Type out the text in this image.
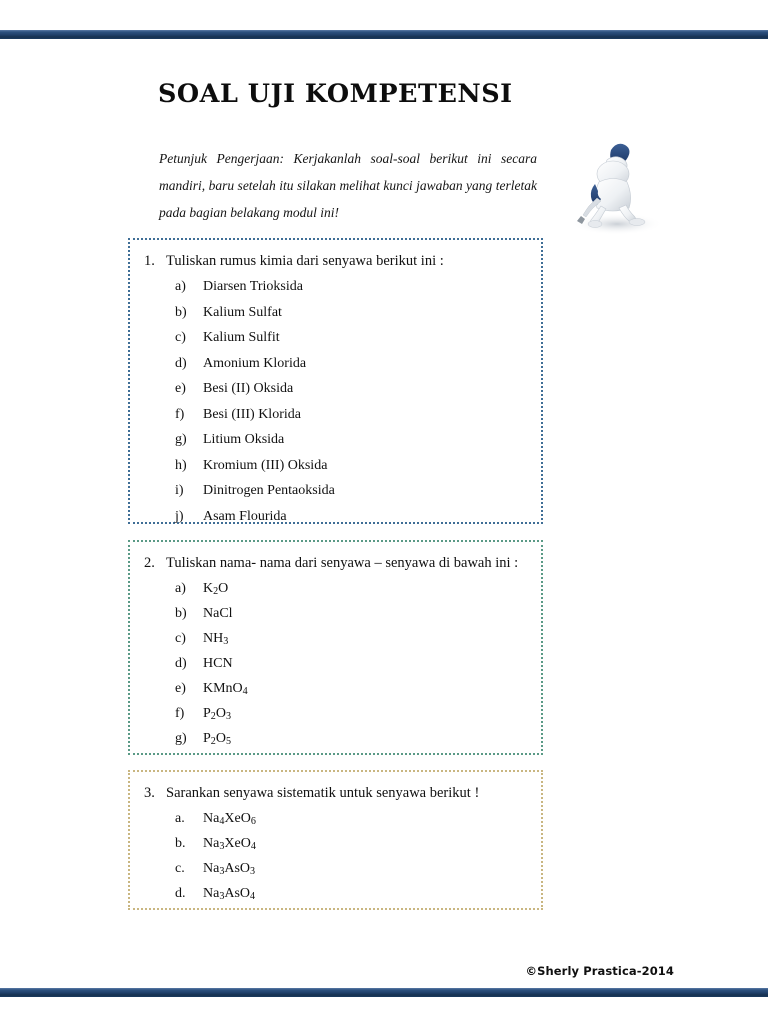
SOAL UJI KOMPETENSI
Petunjuk Pengerjaan: Kerjakanlah soal-soal berikut ini secara mandiri, baru setelah itu silakan melihat kunci jawaban yang terletak pada bagian belakang modul ini!
1. Tuliskan rumus kimia dari senyawa berikut ini :
a)	Diarsen Trioksida
b)	Kalium Sulfat
c)	Kalium Sulfit
d)	Amonium Klorida
e)	Besi (II) Oksida
f)	Besi (III) Klorida
g)	Litium Oksida
h)	Kromium (III) Oksida
i)	Dinitrogen Pentaoksida
j)	Asam Flourida
2. Tuliskan nama- nama dari senyawa – senyawa di bawah ini :
a)	$K_2O$
b)	NaCl
c)	$NH_3$
d)	HCN
e)	KMnO$_4$
f)	$P_2O_3$
g)	$P_2O_5$
3. Sarankan senyawa sistematik untuk senyawa berikut !
a.	$Na_4XeO_6$
b.	$Na_3XeO_4$
c.	$Na_3AsO_3$
d.	$Na_3AsO_4$
©Sherly Prastica-2014
